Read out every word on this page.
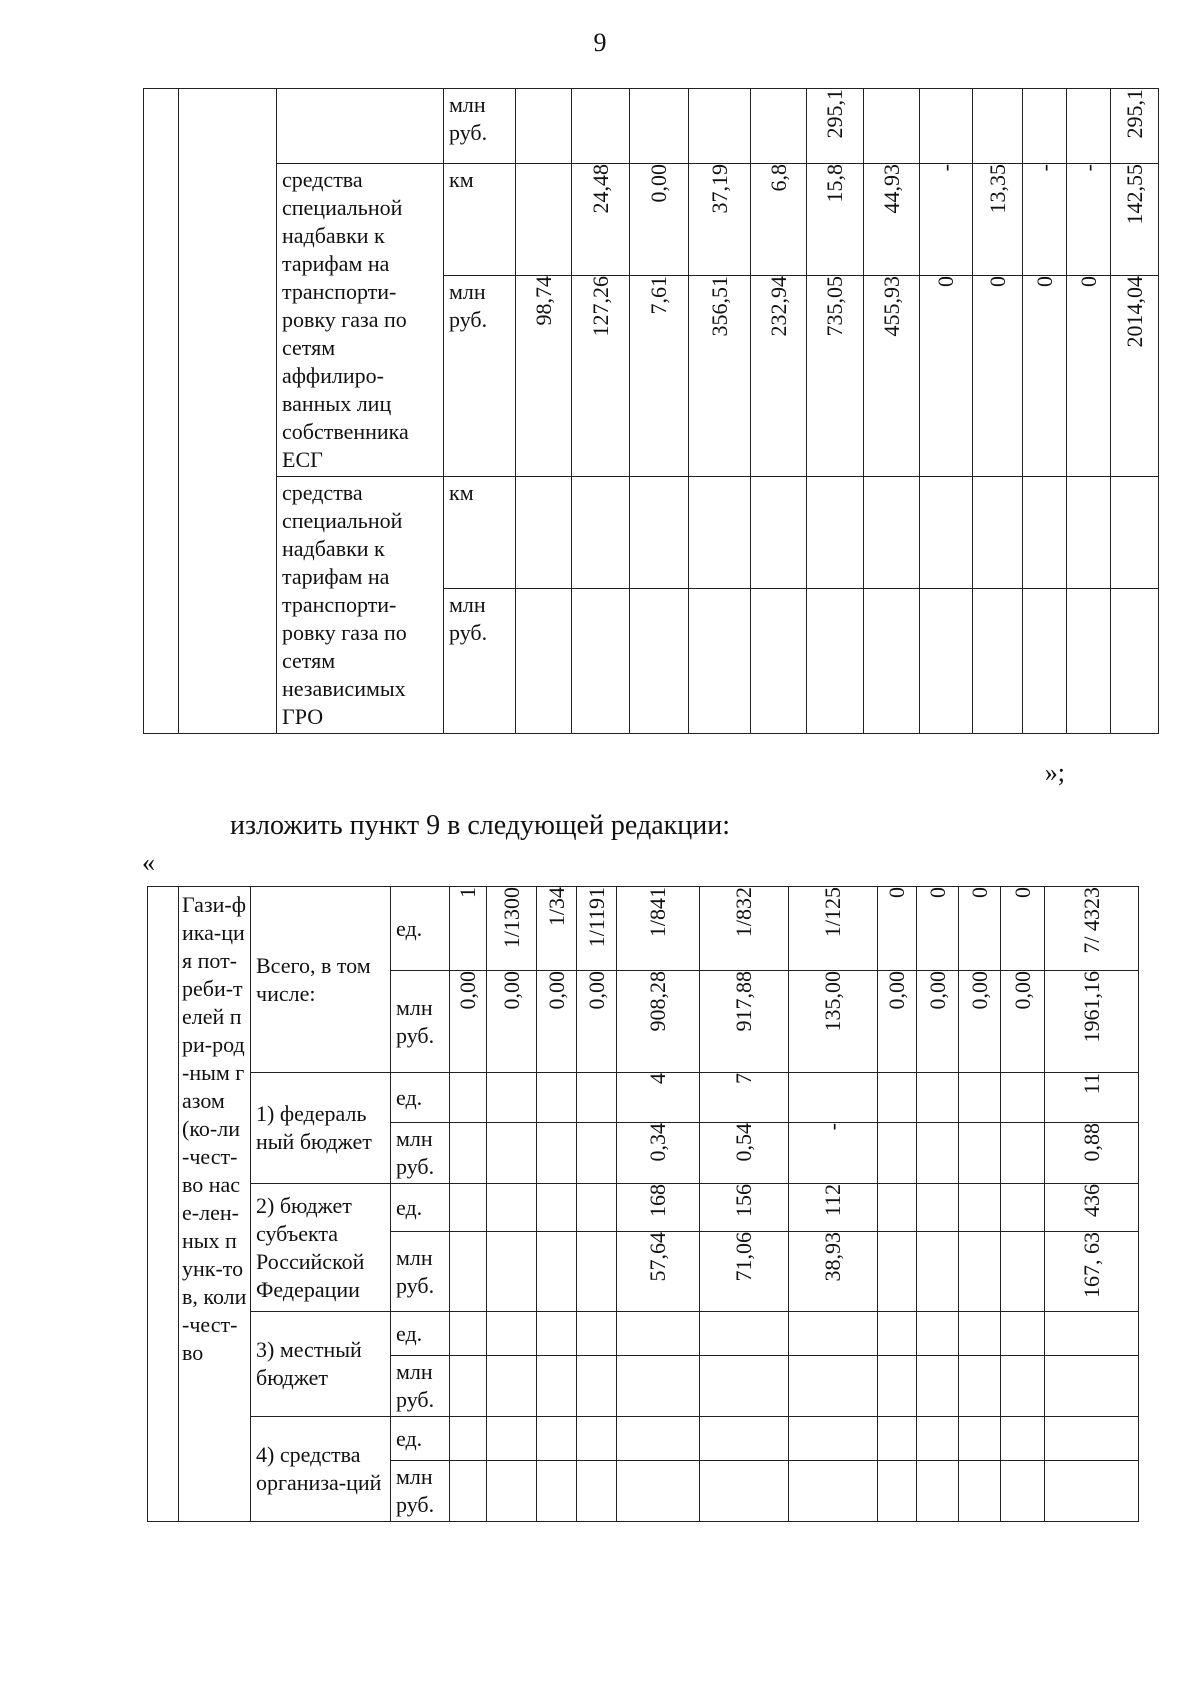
9

			млн руб.						295,1						295,1

		средства специальной надбавки к тарифам на транспорти-ровку газа по сетям аффилиро-ванных лиц собственника ЕСГ	км		24,48	0,00	37,19	6,8	15,8	44,93	-	13,35	-	-	142,55

			млн руб.	98,74	127,26	7,61	356,51	232,94	735,05	455,93	0	0	0	0	2014,04

		средства специальной надбавки к тарифам на транспорти-ровку газа по сетям независимых ГРО	км												

			млн руб.												

»;
изложить пункт 9 в следующей редакции:
«

	Гази-фика-ция пот-реби-телей при-род-ным газом (ко-ли-чест-во насе-лен-ных пунк-тов, коли-чест-во	Всего, в том числе:	ед.	1	1/1300	1/34	1/1191	1/841	1/832	1/125	0	0	0	0	7/ 4323

			млн руб.	0,00	0,00	0,00	0,00	908,28	917,88	135,00	0,00	0,00	0,00	0,00	1961,16

		1) федераль ный бюджет	ед.					4	7						11

			млн руб.					0,34	0,54	-					0,88

		2) бюджет субъекта Российской Федерации	ед.					168	156	112					436

			млн руб.					57,64	71,06	38,93					167, 63

		3) местный бюджет	ед.												

			млн руб.												

		4) средства организа-ций	ед.												

			млн руб.												
